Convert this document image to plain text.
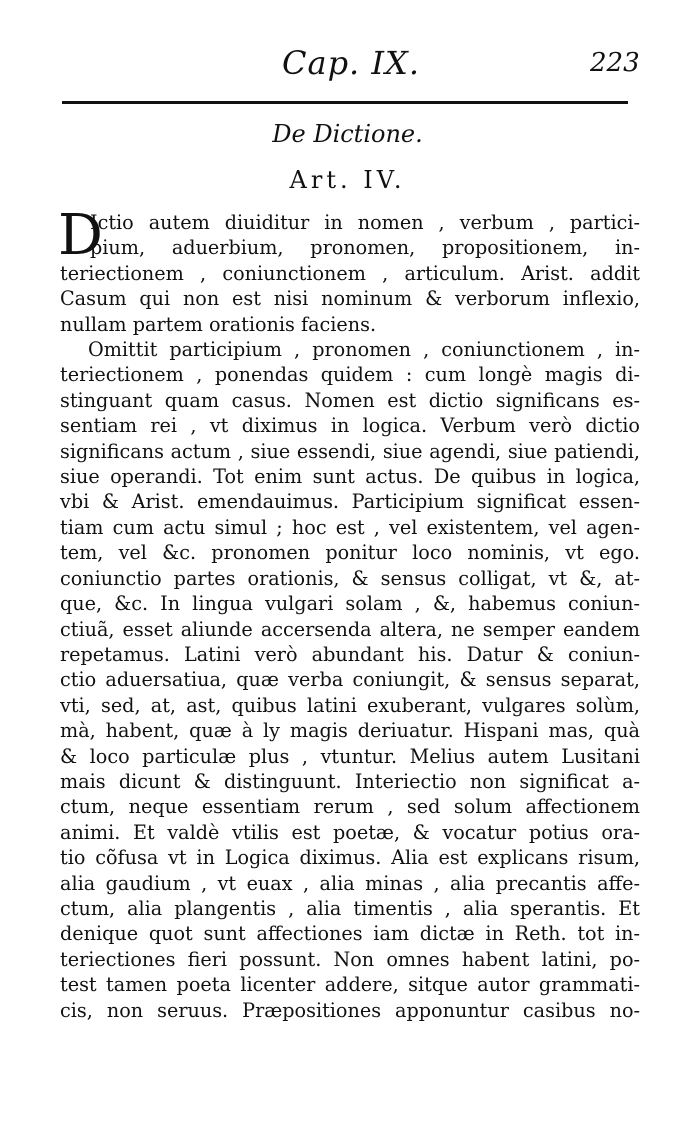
Cap. IX.	223
De Dictione.
Art. IV.
D
Ictio autem diuiditur in nomen , verbum , partici-
pium, aduerbium, pronomen, propositionem, in-
teriectionem , coniunctionem , articulum. Arist. addit
Casum qui non est nisi nominum & verborum inflexio,
nullam partem orationis faciens.
Omittit participium , pronomen , coniunctionem , in-
teriectionem , ponendas quidem : cum longè magis di-
stinguant quam casus. Nomen est dictio significans es-
sentiam rei , vt diximus in logica. Verbum verò dictio
significans actum , siue essendi, siue agendi, siue patiendi,
siue operandi. Tot enim sunt actus. De quibus in logica,
vbi & Arist. emendauimus. Participium significat essen-
tiam cum actu simul ; hoc est , vel existentem, vel agen-
tem, vel &c. pronomen ponitur loco nominis, vt ego.
coniunctio partes orationis, & sensus colligat, vt &, at-
que, &c. In lingua vulgari solam , &, habemus coniun-
ctiuã, esset aliunde accersenda altera, ne semper eandem
repetamus. Latini verò abundant his. Datur & coniun-
ctio aduersatiua, quæ verba coniungit, & sensus separat,
vti, sed, at, ast, quibus latini exuberant, vulgares solùm,
mà, habent, quæ à ly magis deriuatur. Hispani mas, quà
& loco particulæ plus , vtuntur. Melius autem Lusitani
mais dicunt & distinguunt. Interiectio non significat a-
ctum, neque essentiam rerum , sed solum affectionem
animi. Et valdè vtilis est poetæ, & vocatur potius ora-
tio cõfusa vt in Logica diximus. Alia est explicans risum,
alia gaudium , vt euax , alia minas , alia precantis affe-
ctum, alia plangentis , alia timentis , alia sperantis. Et
denique quot sunt affectiones iam dictæ in Reth. tot in-
teriectiones fieri possunt. Non omnes habent latini, po-
test tamen poeta licenter addere, sitque autor grammati-
cis, non seruus. Præpositiones apponuntur casibus no-
